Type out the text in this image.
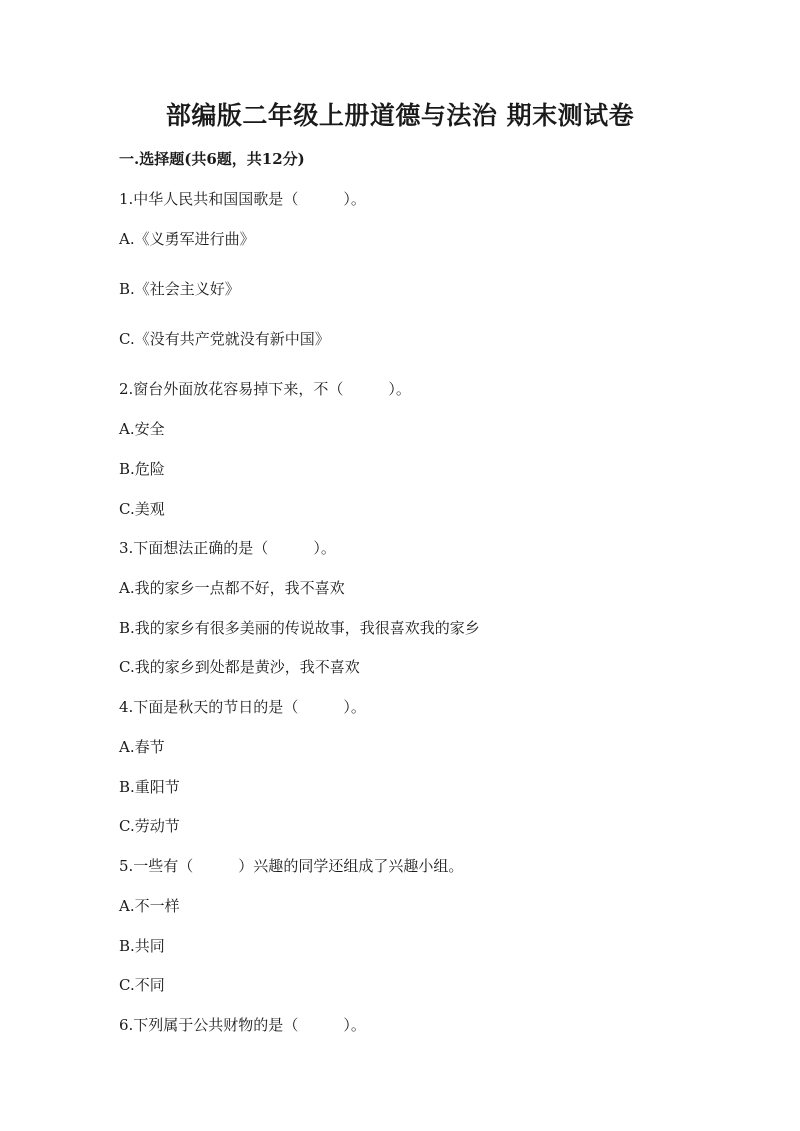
部编版二年级上册道德与法治 期末测试卷
一.选择题(共6题，共12分)
1.中华人民共和国国歌是（　　　）。
A.《义勇军进行曲》
B.《社会主义好》
C.《没有共产党就没有新中国》
2.窗台外面放花容易掉下来，不（　　　）。
A.安全
B.危险
C.美观
3.下面想法正确的是（　　　）。
A.我的家乡一点都不好，我不喜欢
B.我的家乡有很多美丽的传说故事，我很喜欢我的家乡
C.我的家乡到处都是黄沙，我不喜欢
4.下面是秋天的节日的是（　　　）。
A.春节
B.重阳节
C.劳动节
5.一些有（　　　）兴趣的同学还组成了兴趣小组。
A.不一样
B.共同
C.不同
6.下列属于公共财物的是（　　　）。
